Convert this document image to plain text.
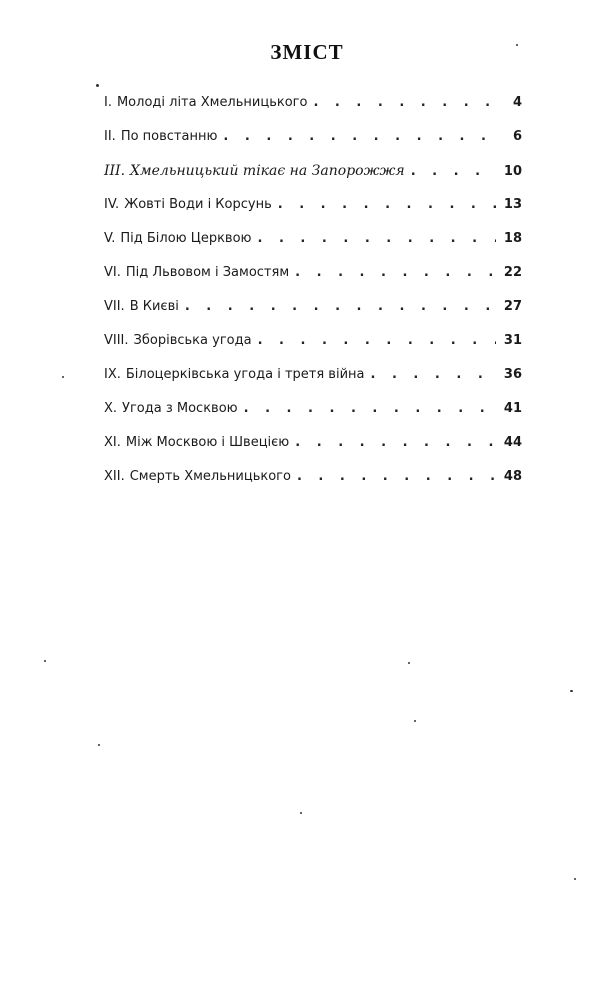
ЗМІСТ
I. Молоді літа Хмельницького . . .	4
II. По повстанню . . .	6
III. Хмельницький тікає на Запорожжя . . .	10
IV. Жовті Води і Корсунь . . .	13
V. Під Білою Церквою . . .	18
VI. Під Львовом і Замостям . . .	22
VII. В Києві . . .	27
VIII. Зборівська угода . . .	31
IX. Білоцерківська угода і третя війна . . .	36
X. Угода з Москвою . . .	41
XI. Між Москвою і Швецією . . .	44
XII. Смерть Хмельницького . . .	48
